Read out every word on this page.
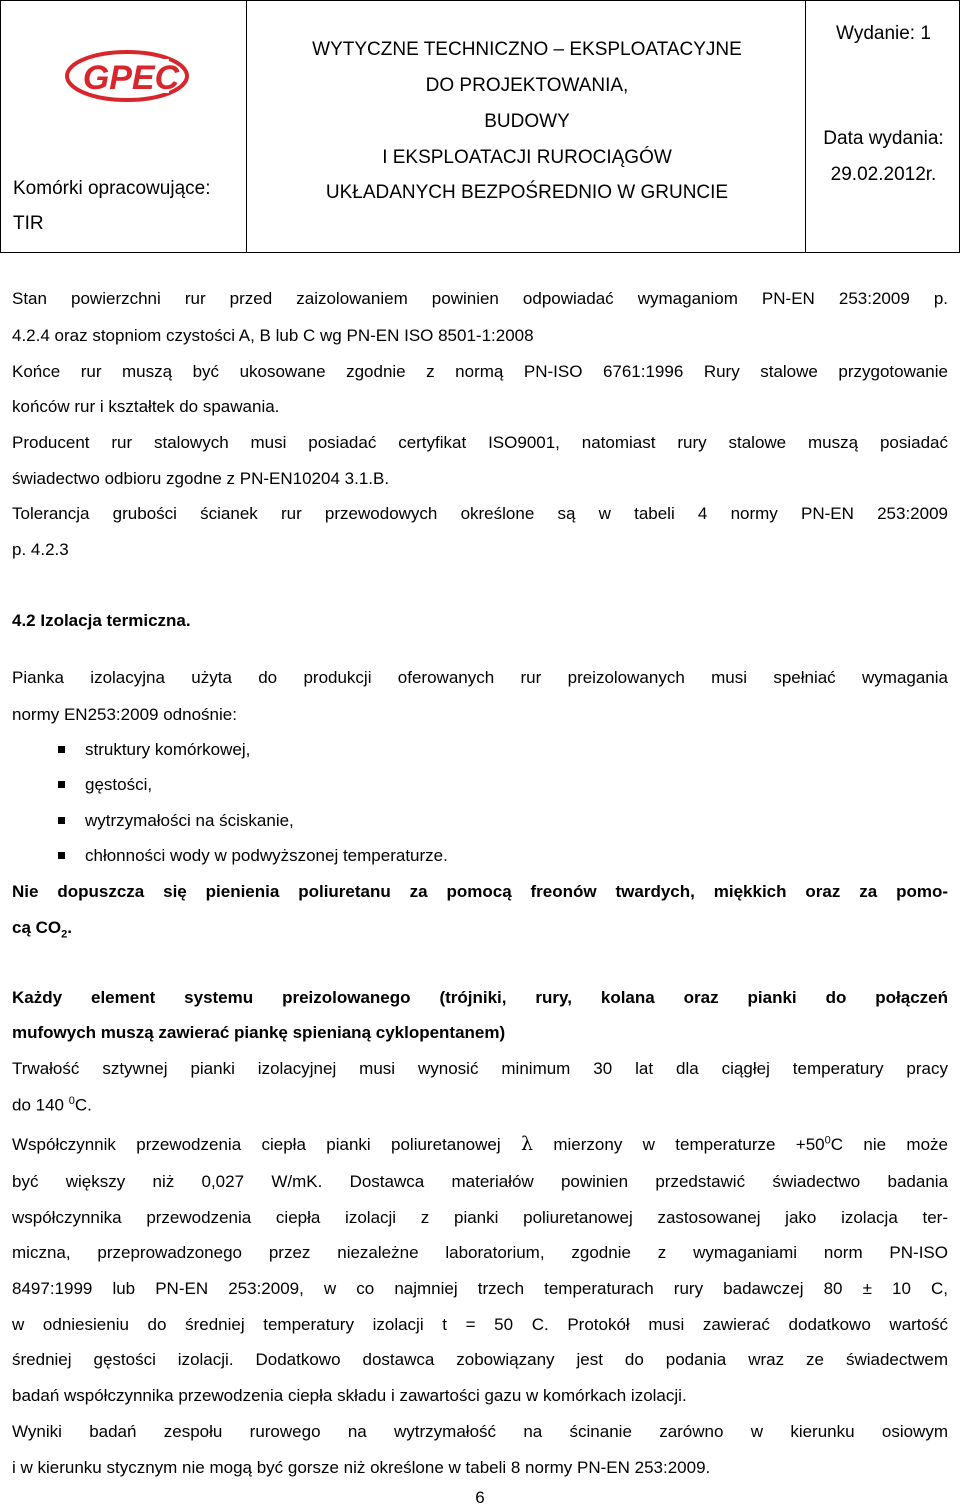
GPEC
Komórki opracowujące:
TIR
WYTYCZNE TECHNICZNO – EKSPLOATACYJNE
DO PROJEKTOWANIA,
BUDOWY
I EKSPLOATACJI RUROCIĄGÓW
UKŁADANYCH BEZPOŚREDNIO W GRUNCIE
Wydanie: 1
Data wydania:
29.02.2012r.
Stan powierzchni rur przed zaizolowaniem powinien odpowiadać wymaganiom PN-EN 253:2009 p.
4.2.4 oraz stopniom czystości A, B lub C wg PN-EN ISO 8501-1:2008
Końce rur muszą być ukosowane zgodnie z normą PN-ISO 6761:1996 Rury stalowe przygotowanie
końców rur i kształtek do spawania.
Producent rur stalowych musi posiadać certyfikat ISO9001, natomiast rury stalowe muszą posiadać
świadectwo odbioru zgodne z PN-EN10204 3.1.B.
Tolerancja grubości ścianek rur przewodowych określone są w tabeli 4 normy PN-EN 253:2009
p. 4.2.3
4.2 Izolacja termiczna.
Pianka izolacyjna użyta do produkcji oferowanych rur preizolowanych musi spełniać wymagania
normy EN253:2009 odnośnie:
struktury komórkowej,
gęstości,
wytrzymałości na ściskanie,
chłonności wody w podwyższonej temperaturze.
Nie dopuszcza się pienienia poliuretanu za pomocą freonów twardych, miękkich oraz za pomo-
cą $CO_2$.
Każdy element systemu preizolowanego (trójniki, rury, kolana oraz pianki do połączeń
mufowych muszą zawierać piankę spienianą cyklopentanem)
Trwałość sztywnej pianki izolacyjnej musi wynosić minimum 30 lat dla ciągłej temperatury pracy
do 140 $^0$C.
Współczynnik przewodzenia ciepła pianki poliuretanowej λ mierzony w temperaturze $+50^0C$ nie może
być większy niż 0,027 W/mK. Dostawca materiałów powinien przedstawić świadectwo badania
współczynnika przewodzenia ciepła izolacji z pianki poliuretanowej zastosowanej jako izolacja ter-
miczna, przeprowadzonego przez niezależne laboratorium, zgodnie z wymaganiami norm PN-ISO
8497:1999 lub PN-EN 253:2009, w co najmniej trzech temperaturach rury badawczej 80 ± 10 C,
w odniesieniu do średniej temperatury izolacji t = 50 C. Protokół musi zawierać dodatkowo wartość
średniej gęstości izolacji. Dodatkowo dostawca zobowiązany jest do podania wraz ze świadectwem
badań współczynnika przewodzenia ciepła składu i zawartości gazu w komórkach izolacji.
Wyniki badań zespołu rurowego na wytrzymałość na ścinanie zarówno w kierunku osiowym
i w kierunku stycznym nie mogą być gorsze niż określone w tabeli 8 normy PN-EN 253:2009.
6
